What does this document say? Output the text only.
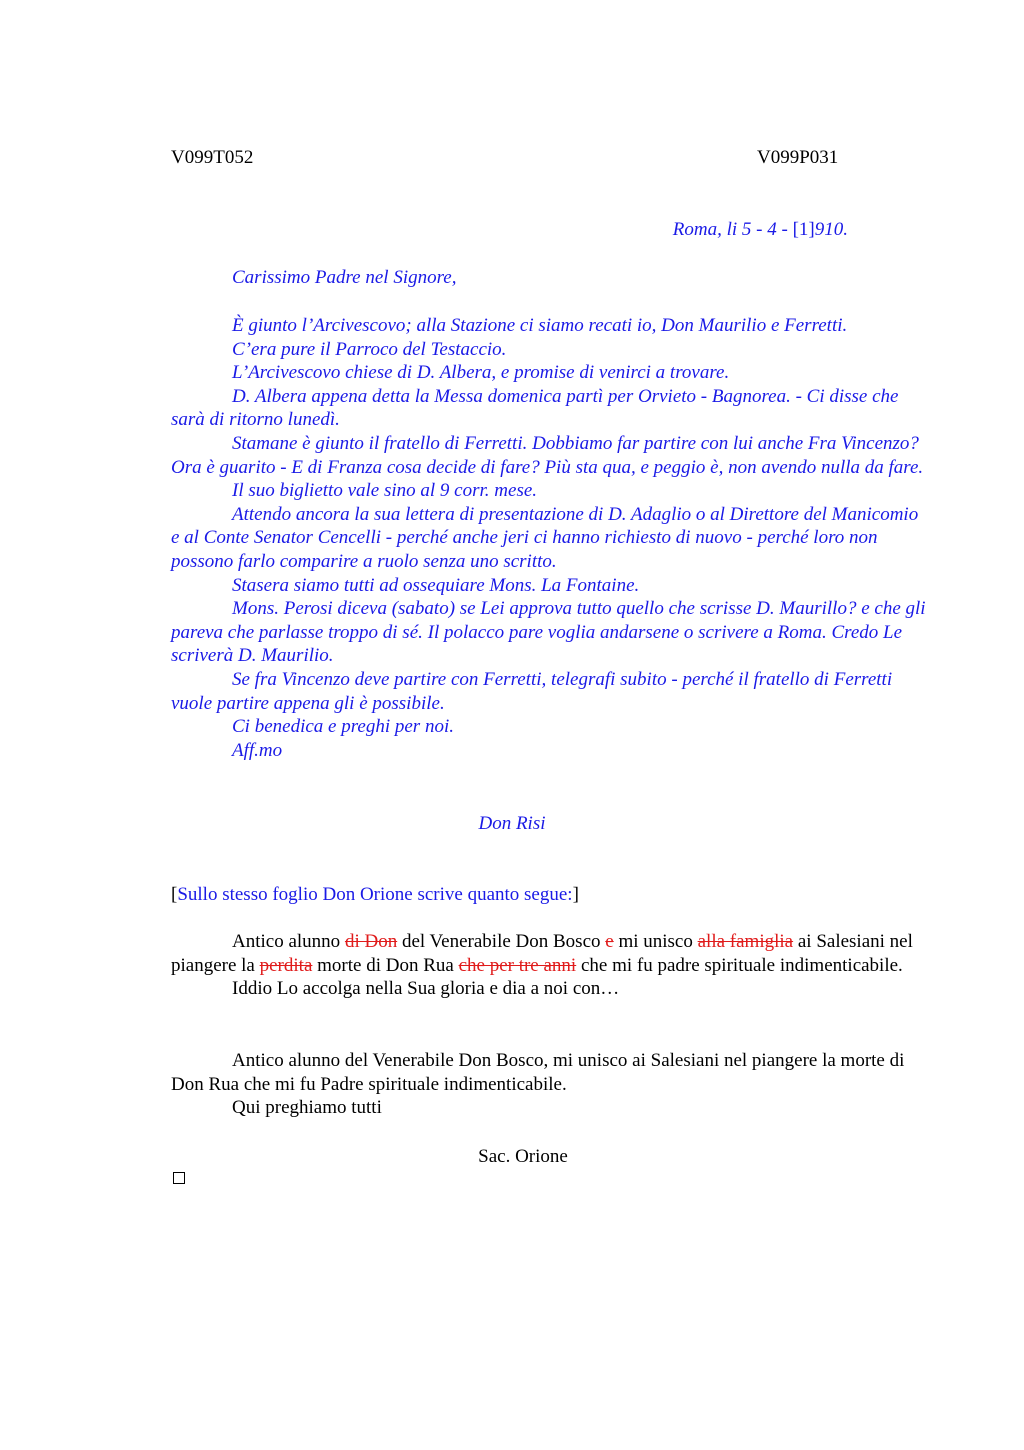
V099T052	V099P031
Roma, li 5 - 4 - [1]910.
Carissimo Padre nel Signore,
È giunto l’Arcivescovo; alla Stazione ci siamo recati io, Don Maurilio e Ferretti.
C’era pure il Parroco del Testaccio.
L’Arcivescovo chiese di D. Albera, e promise di venirci a trovare.
D. Albera appena detta la Messa domenica partì per Orvieto - Bagnorea. - Ci disse che sarà di ritorno lunedì.
Stamane è giunto il fratello di Ferretti. Dobbiamo far partire con lui anche Fra Vincenzo? Ora è guarito - E di Franza cosa decide di fare? Più sta qua, e peggio è, non avendo nulla da fare.
Il suo biglietto vale sino al 9 corr. mese.
Attendo ancora la sua lettera di presentazione di D. Adaglio o al Direttore del Manicomio e al Conte Senator Cencelli - perché anche jeri ci hanno richiesto di nuovo - perché loro non possono farlo comparire a ruolo senza uno scritto.
Stasera siamo tutti ad ossequiare Mons. La Fontaine.
Mons. Perosi diceva (sabato) se Lei approva tutto quello che scrisse D. Maurillo? e che gli pareva che parlasse troppo di sé. Il polacco pare voglia andarsene o scrivere a Roma. Credo Le scriverà D. Maurilio.
Se fra Vincenzo deve partire con Ferretti, telegrafi subito - perché il fratello di Ferretti vuole partire appena gli è possibile.
Ci benedica e preghi per noi.
Aff.mo
Don Risi
[Sullo stesso foglio Don Orione scrive quanto segue:]
Antico alunno di Don del Venerabile Don Bosco e mi unisco alla famiglia ai Salesiani nel piangere la perdita morte di Don Rua che per tre anni che mi fu padre spirituale indimenticabile.
Iddio Lo accolga nella Sua gloria e dia a noi con…
Antico alunno del Venerabile Don Bosco, mi unisco ai Salesiani nel piangere la morte di Don Rua che mi fu Padre spirituale indimenticabile.
Qui preghiamo tutti
Sac. Orione
